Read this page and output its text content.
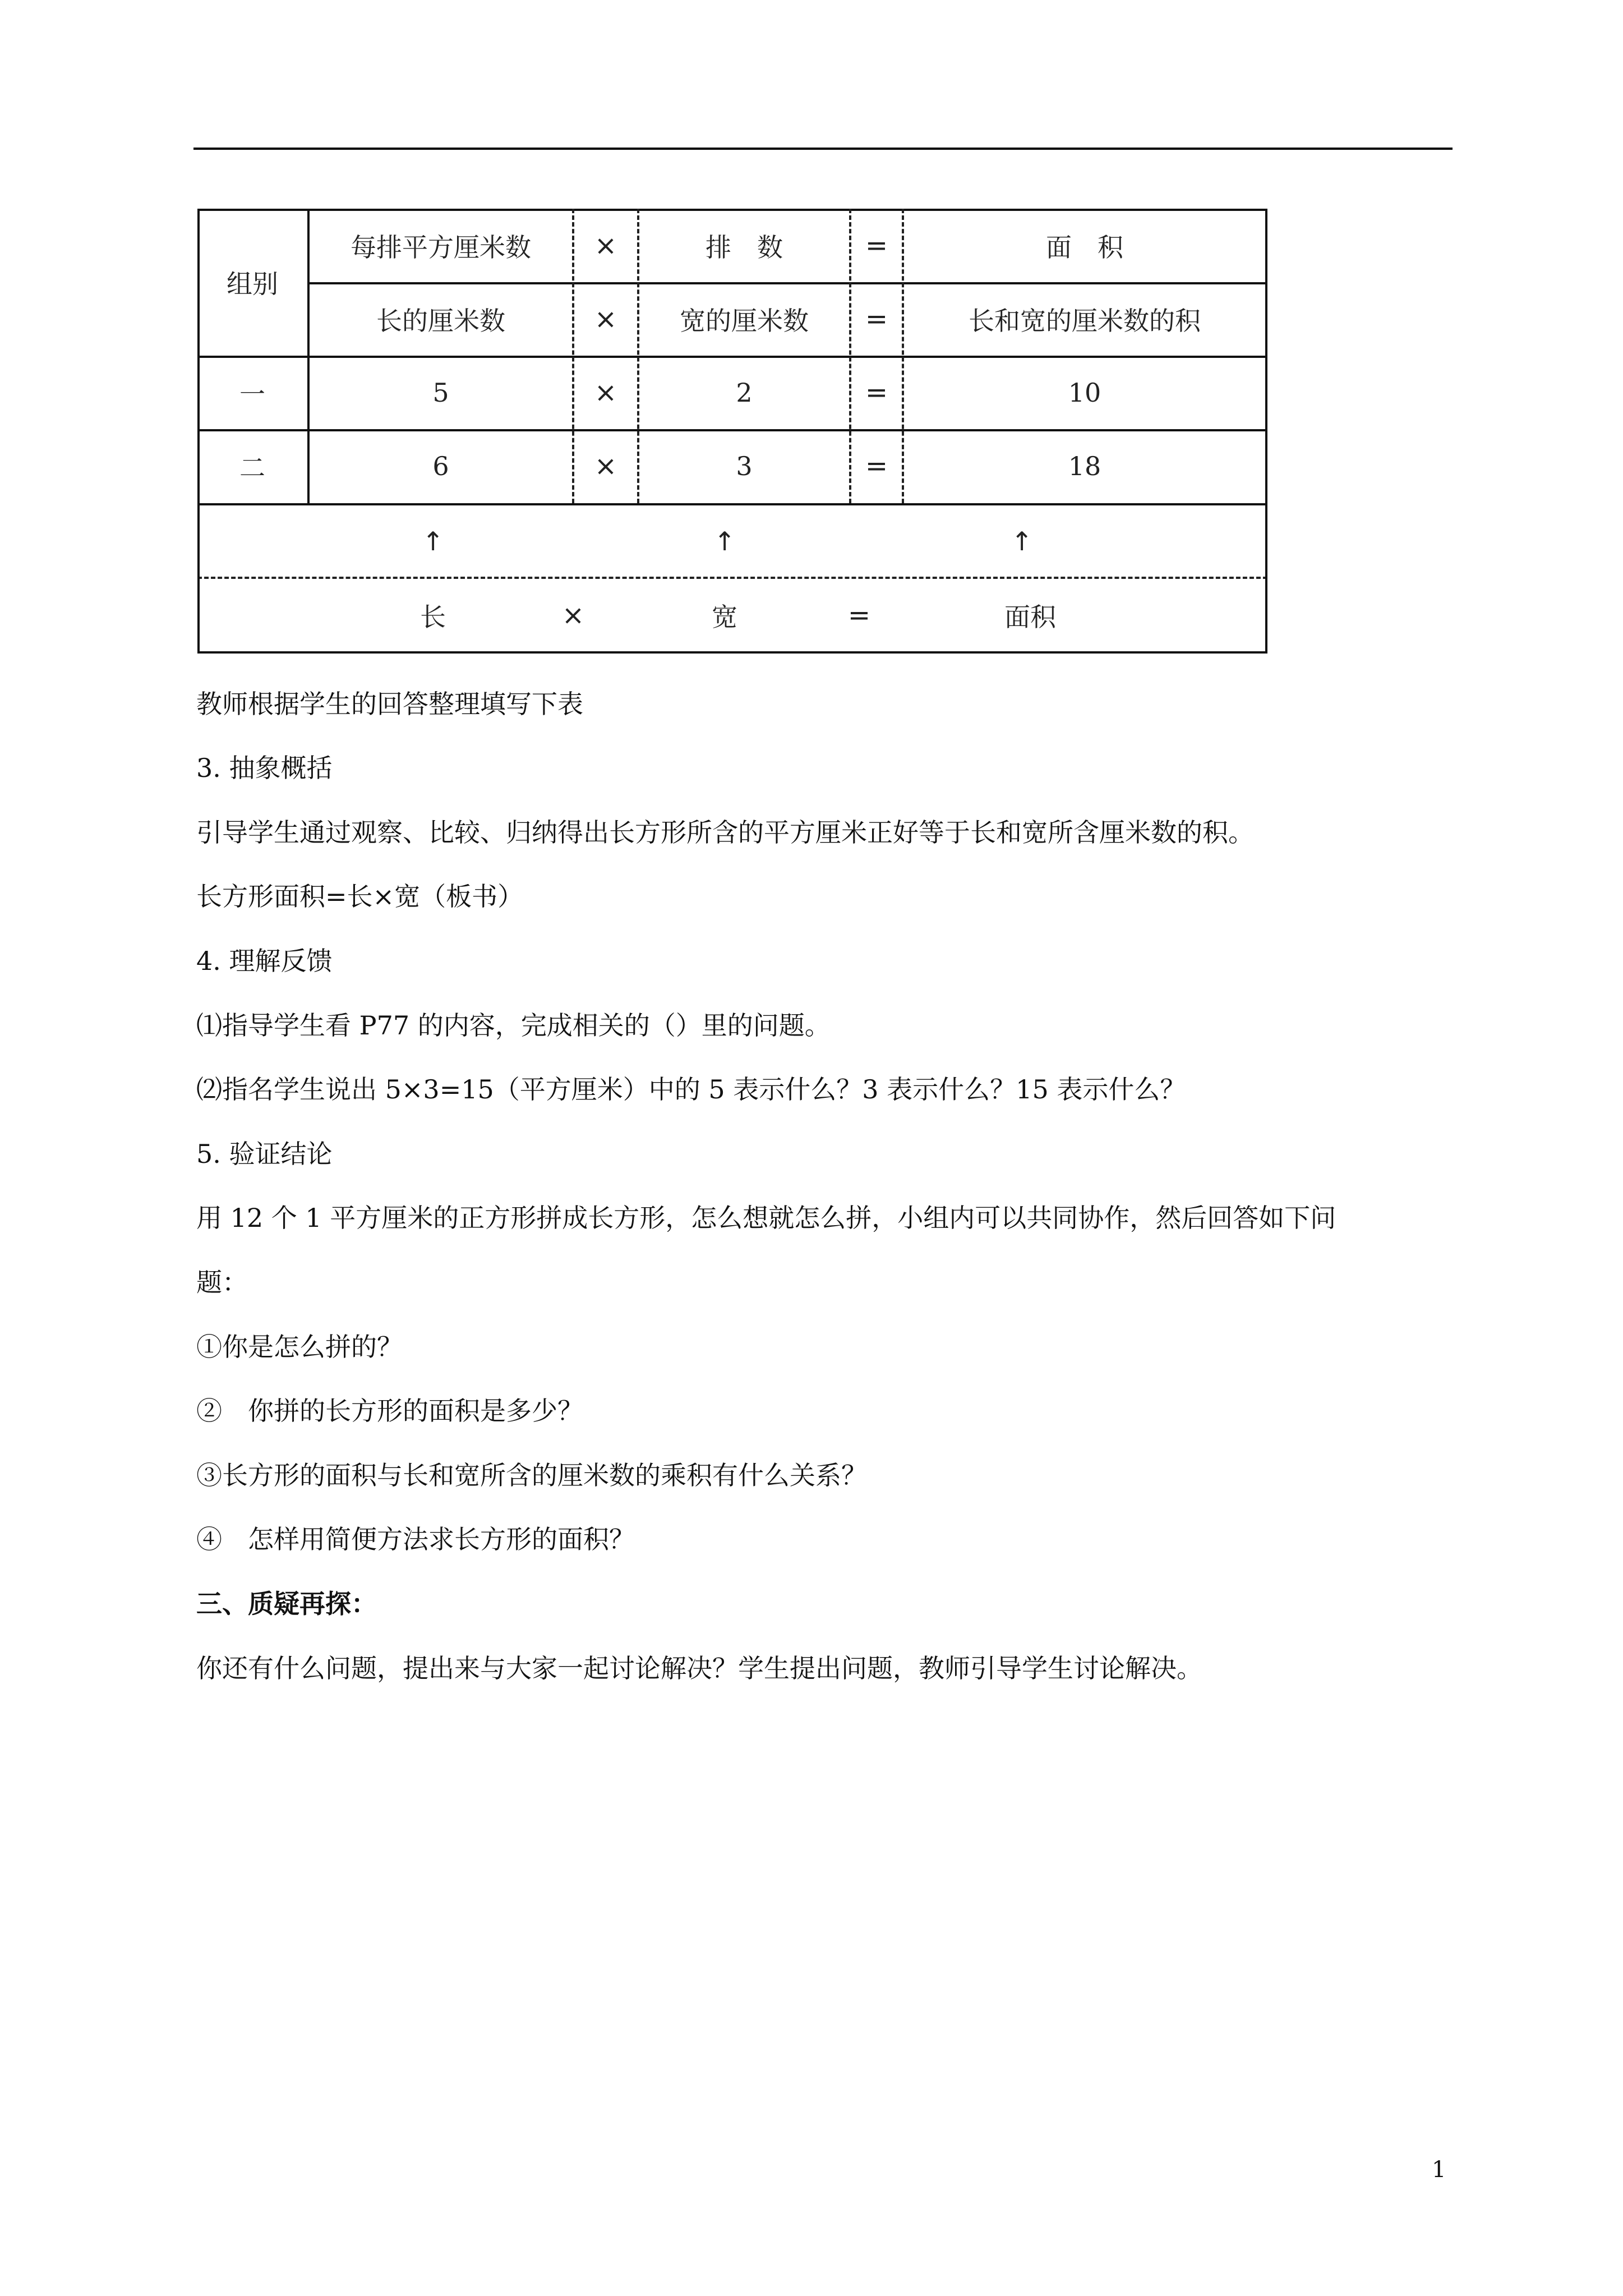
组别
每排平方厘米数	×	排　数	=	面　积
长的厘米数	×	宽的厘米数	=	长和宽的厘米数的积
一	5	×	2	=	10
二	6	×	3	=	18
↑	↑	↑
长	×	宽	=	面积
教师根据学生的回答整理填写下表
3. 抽象概括
引导学生通过观察、比较、归纳得出长方形所含的平方厘米正好等于长和宽所含厘米数的积。
长方形面积=长×宽（板书）
4. 理解反馈
⑴指导学生看 P77 的内容，完成相关的（）里的问题。
⑵指名学生说出 5×3=15（平方厘米）中的 5 表示什么？3 表示什么？15 表示什么？
5. 验证结论
用 12 个 1 平方厘米的正方形拼成长方形，怎么想就怎么拼，小组内可以共同协作，然后回答如下问
题：
①你是怎么拼的？
②　你拼的长方形的面积是多少？
③长方形的面积与长和宽所含的厘米数的乘积有什么关系？
④　怎样用简便方法求长方形的面积？
三、质疑再探：
你还有什么问题，提出来与大家一起讨论解决？学生提出问题，教师引导学生讨论解决。
1
